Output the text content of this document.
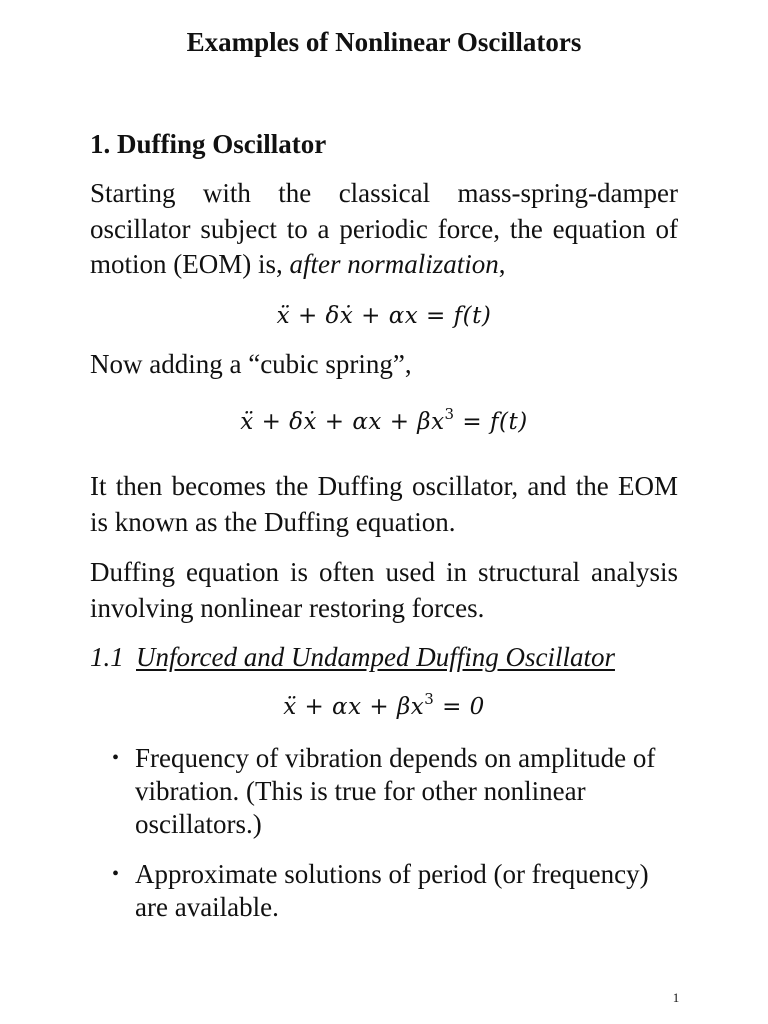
Examples of Nonlinear Oscillators
1. Duffing Oscillator
Starting with the classical mass-spring-damper oscillator subject to a periodic force, the equation of motion (EOM) is, after normalization,
ẍ + δẋ + αx = f(t)
Now adding a “cubic spring”,
ẍ + δẋ + $\alpha x + \beta x^3 = f(t)$
It then becomes the Duffing oscillator, and the EOM is known as the Duffing equation.
Duffing equation is often used in structural analysis involving nonlinear restoring forces.
1.1 Unforced and Undamped Duffing Oscillator
ẍ + $\alpha x + \beta x^3 = 0$
• Frequency of vibration depends on amplitude of vibration. (This is true for other nonlinear oscillators.)
• Approximate solutions of period (or frequency) are available.
1
